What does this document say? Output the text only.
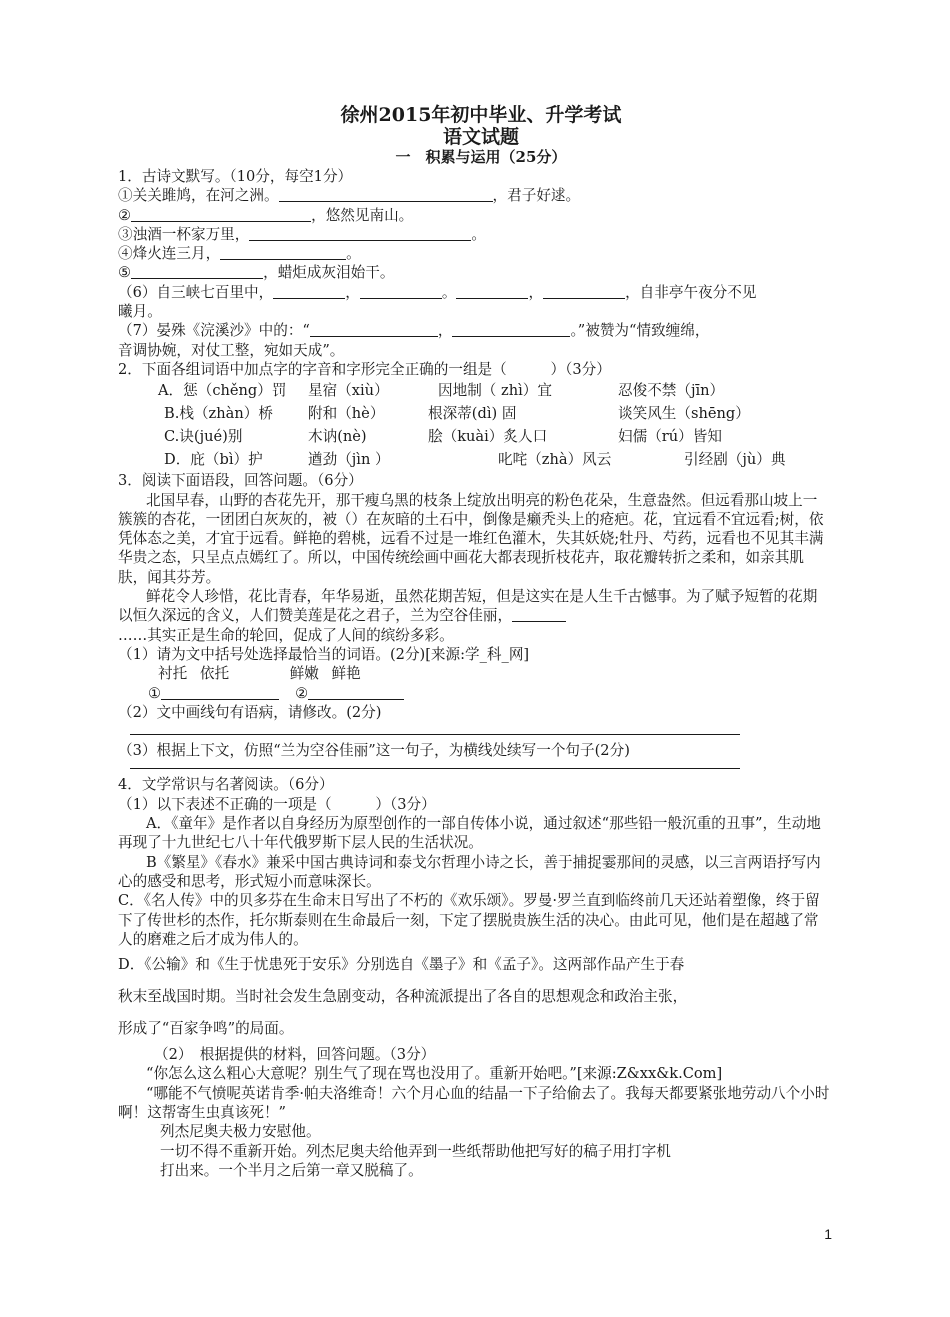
徐州2015年初中毕业、升学考试
语文试题
一　积累与运用（25分）
1．古诗文默写。（10分，每空1分）
①关关雎鸠，在河之洲。	，君子好逑。
②	，悠然见南山。
③浊酒一杯家万里，	。
④烽火连三月，	。
⑤	，蜡炬成灰泪始干。
（6）自三峡七百里中，	，	。	，	，自非亭午夜分不见
曦月。
（7）晏殊《浣溪沙》中的：“	，	。”被赞为“情致缠绵，
音调协婉，对仗工整，宛如天成”。
2．下面各组词语中加点字的字音和字形完全正确的一组是（　　　）（3分）
A．惩（chěng）罚 星宿（xiù）	因地制（ zhì）宜	忍俊不禁（jīn）
B.栈（zhàn）桥 附和（hè）	根深蒂(dì) 固	谈笑风生（shēng）
C.诀(jué)别	木讷(nè)	脍（kuài）炙人口	妇儒（rú）皆知
D．庇（bì）护	遒劲（jìn ）	叱咤（zhà）风云	引经剧（jù）典
3．阅读下面语段，回答问题。（6分）
北国早春，山野的杏花先开，那干瘦乌黑的枝条上绽放出明亮的粉色花朵，生意盎然。但远看那山坡上一簇簇的杏花，一团团白灰灰的，被（）在灰暗的土石中，倒像是癞秃头上的疮疤。花，宜远看不宜远看;树，依凭体态之美，才宜于远看。鲜艳的碧桃，远看不过是一堆红色灌木，失其妖娆;牡丹、芍药，远看也不见其丰满华贵之态，只呈点点嫣红了。所以，中国传统绘画中画花大都表现折枝花卉，取花瓣转折之柔和，如亲其肌肤，闻其芬芳。
鲜花令人珍惜，花比青春，年华易逝，虽然花期苦短，但是这实在是人生千古憾事。为了赋予短暂的花期以恒久深远的含义，人们赞美莲是花之君子，兰为空谷佳丽，
……其实正是生命的轮回，促成了人间的缤纷多彩。
（1）请为文中括号处选择最恰当的词语。(2分)[来源:学_科_网]
衬托 依托	鲜嫩 鲜艳
①	②
（2）文中画线句有语病，请修改。(2分)
（3）根据上下文，仿照“兰为空谷佳丽”这一句子，为横线处续写一个句子(2分)
4．文学常识与名著阅读。（6分）
（1）以下表述不正确的一项是（　　　）（3分）
A．《童年》是作者以自身经历为原型创作的一部自传体小说，通过叙述“那些铅一般沉重的丑事”，生动地再现了十九世纪七八十年代俄罗斯下层人民的生活状况。
B《繁星》《春水》兼采中国古典诗词和泰戈尔哲理小诗之长，善于捕捉霎那间的灵感，以三言两语抒写内心的感受和思考，形式短小而意味深长。
C．《名人传》中的贝多芬在生命末日写出了不朽的《欢乐颂》。罗曼·罗兰直到临终前几天还站着塑像，终于留下了传世杉的杰作，托尔斯泰则在生命最后一刻，下定了摆脱贵族生活的决心。由此可见，他们是在超越了常人的磨难之后才成为伟人的。
D．《公输》和《生于忧患死于安乐》分别选自《墨子》和《孟子》。这两部作品产生于春
秋末至战国时期。当时社会发生急剧变动，各种流派提出了各自的思想观念和政治主张，
形成了“百家争鸣”的局面。
（2）　根据提供的材料，回答问题。（3分）
“你怎么这么粗心大意呢？别生气了现在骂也没用了。重新开始吧。”[来源:Z&xx&k.Com]
“哪能不气愤呢英诺肯季·帕夫洛维奇！六个月心血的结晶一下子给偷去了。我每天都要紧张地劳动八个小时啊！这帮寄生虫真该死！”
列杰尼奥夫极力安慰他。
一切不得不重新开始。列杰尼奥夫给他弄到一些纸帮助他把写好的稿子用打字机
打出来。一个半月之后第一章又脱稿了。
1
